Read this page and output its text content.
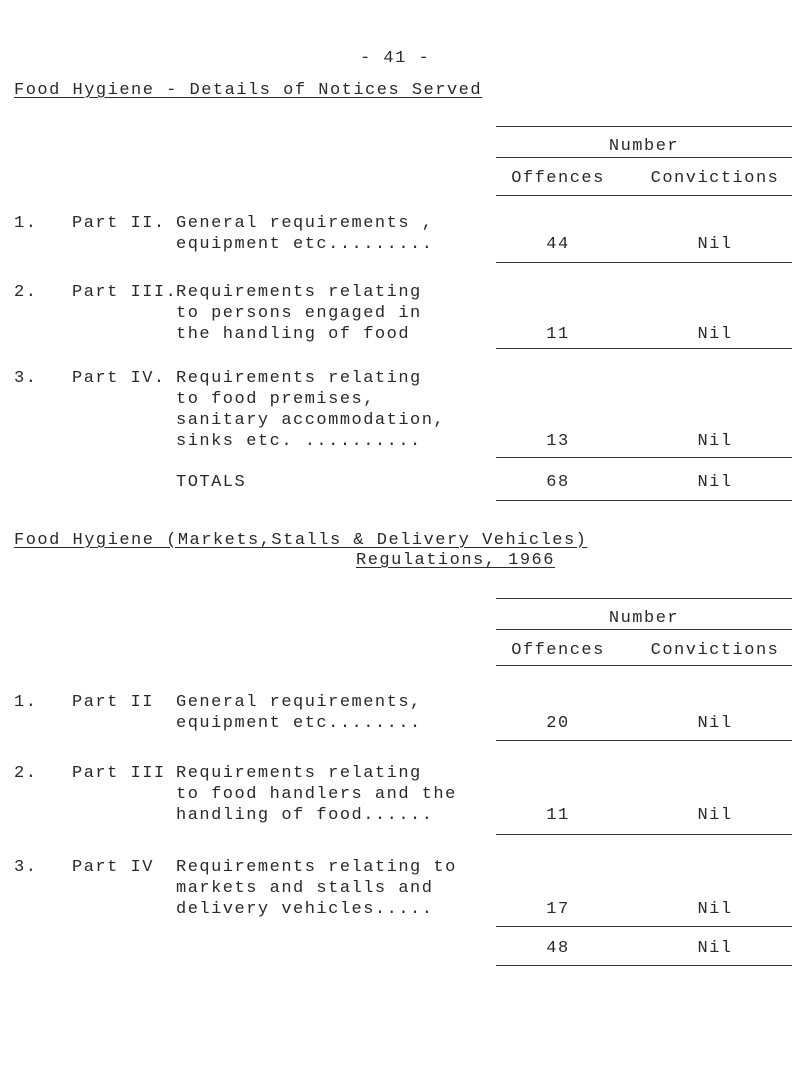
- 41 -
Food Hygiene - Details of Notices Served
Number
Offences	Convictions
1. Part II. General requirements ,
equipment etc.........	44	Nil
2. Part III.
Requirements relating
to persons engaged in
the handling of food	11	Nil
3. Part IV. Requirements relating
to food premises,
sanitary accommodation,
sinks etc. ..........	13	Nil
TOTALS	68	Nil
Food Hygiene (Markets,Stalls & Delivery Vehicles)
Regulations, 1966
Number
Offences	Convictions
1. Part II General requirements,
equipment etc........	20	Nil
2. Part III Requirements relating
to food handlers and the
handling of food......	11	Nil
3. Part IV Requirements relating to
markets and stalls and
delivery vehicles.....	17	Nil
48	Nil
